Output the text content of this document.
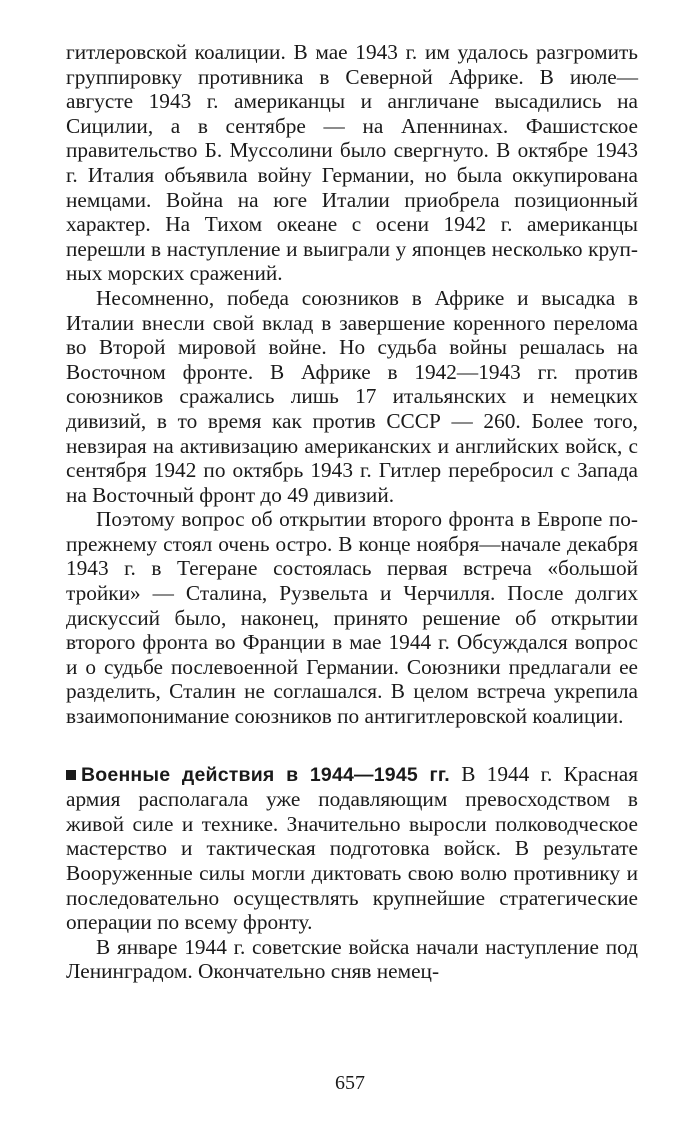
гитлеровской коалиции. В мае 1943 г. им удалось разгромить группировку противника в Северной Африке. В июле—августе 1943 г. американцы и англичане высадились на Сицилии, а в сентябре — на Апеннинах. Фашистское правительство Б. Муссолини было свергнуто. В октябре 1943 г. Италия объявила войну Германии, но была оккупирована немцами. Война на юге Италии приобрела позиционный характер. На Тихом океане с осени 1942 г. американцы перешли в наступление и выиграли у японцев несколько крупных морских сражений.

Несомненно, победа союзников в Африке и высадка в Италии внесли свой вклад в завершение коренного перелома во Второй мировой войне. Но судьба войны решалась на Восточном фронте. В Африке в 1942—1943 гг. против союзников сражались лишь 17 итальянских и немецких дивизий, в то время как против СССР — 260. Более того, невзирая на активизацию американских и английских войск, с сентября 1942 по октябрь 1943 г. Гитлер перебросил с Запада на Восточный фронт до 49 дивизий.

Поэтому вопрос об открытии второго фронта в Европе по-прежнему стоял очень остро. В конце ноября—начале декабря 1943 г. в Тегеране состоялась первая встреча «большой тройки» — Сталина, Рузвельта и Черчилля. После долгих дискуссий было, наконец, принято решение об открытии второго фронта во Франции в мае 1944 г. Обсуждался вопрос и о судьбе послевоенной Германии. Союзники предлагали ее разделить, Сталин не соглашался. В целом встреча укрепила взаимопонимание союзников по антигитлеровской коалиции.

Военные действия в 1944—1945 гг. В 1944 г. Красная армия располагала уже подавляющим превосходством в живой силе и технике. Значительно выросли полководческое мастерство и тактическая подготовка войск. В результате Вооруженные силы могли диктовать свою волю противнику и последовательно осуществлять крупнейшие стратегические операции по всему фронту.

В январе 1944 г. советские войска начали наступление под Ленинградом. Окончательно сняв немец-

657
